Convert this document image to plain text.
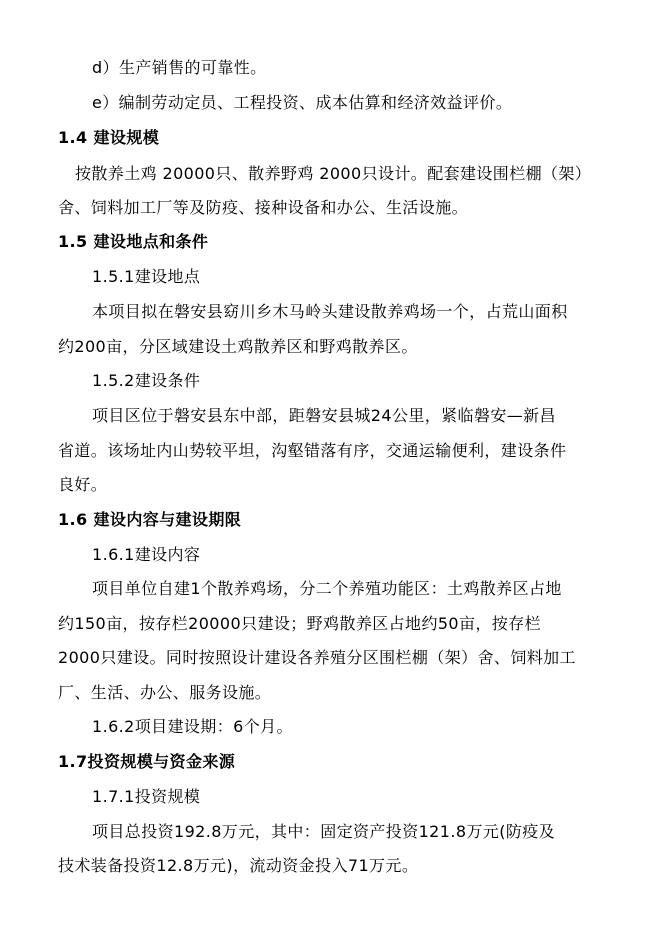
d）生产销售的可靠性。
e）编制劳动定员、工程投资、成本估算和经济效益评价。
1.4 建设规模
按散养土鸡 20000只、散养野鸡 2000只设计。配套建设围栏棚（架）
舍、饲料加工厂等及防疫、接种设备和办公、生活设施。
1.5 建设地点和条件
1.5.1建设地点
本项目拟在磐安县窈川乡木马岭头建设散养鸡场一个，占荒山面积
约200亩，分区域建设土鸡散养区和野鸡散养区。
1.5.2建设条件
项目区位于磐安县东中部，距磐安县城24公里，紧临磐安—新昌
省道。该场址内山势较平坦，沟壑错落有序，交通运输便利，建设条件
良好。
1.6 建设内容与建设期限
1.6.1建设内容
项目单位自建1个散养鸡场，分二个养殖功能区：土鸡散养区占地
约150亩，按存栏20000只建设；野鸡散养区占地约50亩，按存栏
2000只建设。同时按照设计建设各养殖分区围栏棚（架）舍、饲料加工
厂、生活、办公、服务设施。
1.6.2项目建设期：6个月。
1.7投资规模与资金来源
1.7.1投资规模
项目总投资192.8万元，其中：固定资产投资121.8万元(防疫及
技术装备投资12.8万元)，流动资金投入71万元。
